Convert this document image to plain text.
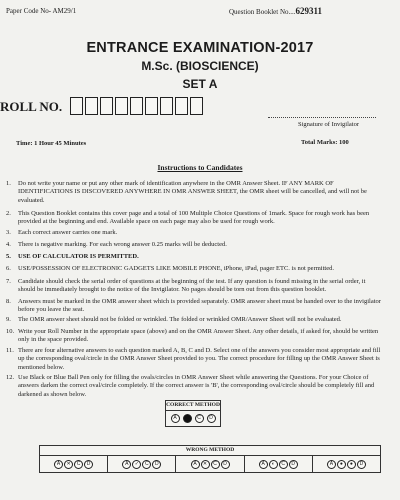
Paper Code No- AM29/1	Question Booklet No....629311
ENTRANCE EXAMINATION-2017
M.Sc. (BIOSCIENCE)
SET A
ROLL NO.
Signature of Invigilator
Time: 1 Hour 45 Minutes	Total Marks: 100
Instructions to Candidates
1. Do not write your name or put any other mark of identification anywhere in the OMR Answer Sheet. IF ANY MARK OF IDENTIFICATIONS IS DISCOVERED ANYWHERE IN OMR ANSWER SHEET, the OMR sheet will be cancelled, and will not be evaluated.
2. This Question Booklet contains this cover page and a total of 100 Multiple Choice Questions of 1mark. Space for rough work has been provided at the beginning and end. Available space on each page may also be used for rough work.
3. Each correct answer carries one mark.
4. There is negative marking. For each wrong answer 0.25 marks will be deducted.
5. USE OF CALCULATOR IS PERMITTED.
6. USE/POSSESSION OF ELECTRONIC GADGETS LIKE MOBILE PHONE, iPhone, iPad, pager ETC. is not permitted.
7. Candidate should check the serial order of questions at the beginning of the test. If any question is found missing in the serial order, it should be immediately brought to the notice of the Invigilator. No pages should be torn out from this question booklet.
8. Answers must be marked in the OMR answer sheet which is provided separately. OMR answer sheet must be handed over to the invigilator before you leave the seat.
9. The OMR answer sheet should not be folded or wrinkled. The folded or wrinkled OMR/Answer Sheet will not be evaluated.
10. Write your Roll Number in the appropriate space (above) and on the OMR Answer Sheet. Any other details, if asked for, should be written only in the space provided.
11. There are four alternative answers to each question marked A, B, C and D. Select one of the answers you consider most appropriate and fill up the corresponding oval/circle in the OMR Answer Sheet provided to you. The correct procedure for filling up the OMR Answer Sheet is mentioned below.
12. Use Black or Blue Ball Pen only for filling the ovals/circles in OMR Answer Sheet while answering the Questions. For your Choice of answers darken the correct oval/circle completely. If the correct answer is 'B', the corresponding oval/circle should be completely fill and darkened as shown below.
CORRECT METHOD
A	B	C	D
WRONG METHOD
A	✕	C	D	A	✓	C	D	A	✕	C	D	A	◐	C	D	A	●	●	D
